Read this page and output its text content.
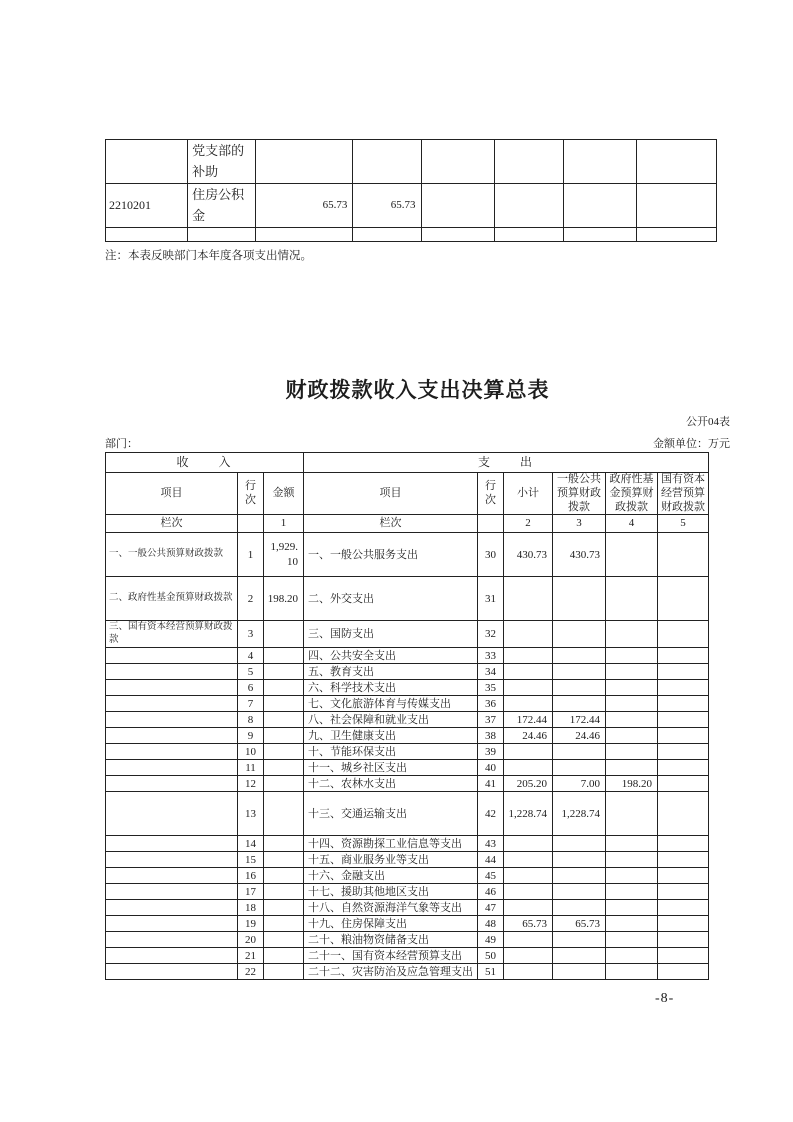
	党支部的补助						
2210201	住房公积金	65.73	65.73				

注：本表反映部门本年度各项支出情况。
财政拨款收入支出决算总表
公开04表
部门：	金额单位：万元
收　　入			支　　出					
项目	行次	金额	项目	行次	小计	一般公共预算财政拨款	政府性基金预算财政拨款	国有资本经营预算财政拨款
栏次		1	栏次		2	3	4	5
一、一般公共预算财政拨款	1	1,929.10	一、一般公共服务支出	30	430.73	430.73		
二、政府性基金预算财政拨款	2	198.20	二、外交支出	31				
三、国有资本经营预算财政拨款	3		三、国防支出	32				
	4		四、公共安全支出	33				
	5		五、教育支出	34				
	6		六、科学技术支出	35				
	7		七、文化旅游体育与传媒支出	36				
	8		八、社会保障和就业支出	37	172.44	172.44		
	9		九、卫生健康支出	38	24.46	24.46		
	10		十、节能环保支出	39				
	11		十一、城乡社区支出	40				
	12		十二、农林水支出	41	205.20	7.00	198.20	
	13		十三、交通运输支出	42	1,228.74	1,228.74		
	14		十四、资源勘探工业信息等支出	43				
	15		十五、商业服务业等支出	44				
	16		十六、金融支出	45				
	17		十七、援助其他地区支出	46				
	18		十八、自然资源海洋气象等支出	47				
	19		十九、住房保障支出	48	65.73	65.73		
	20		二十、粮油物资储备支出	49				
	21		二十一、国有资本经营预算支出	50				
	22		二十二、灾害防治及应急管理支出	51				
-8-
